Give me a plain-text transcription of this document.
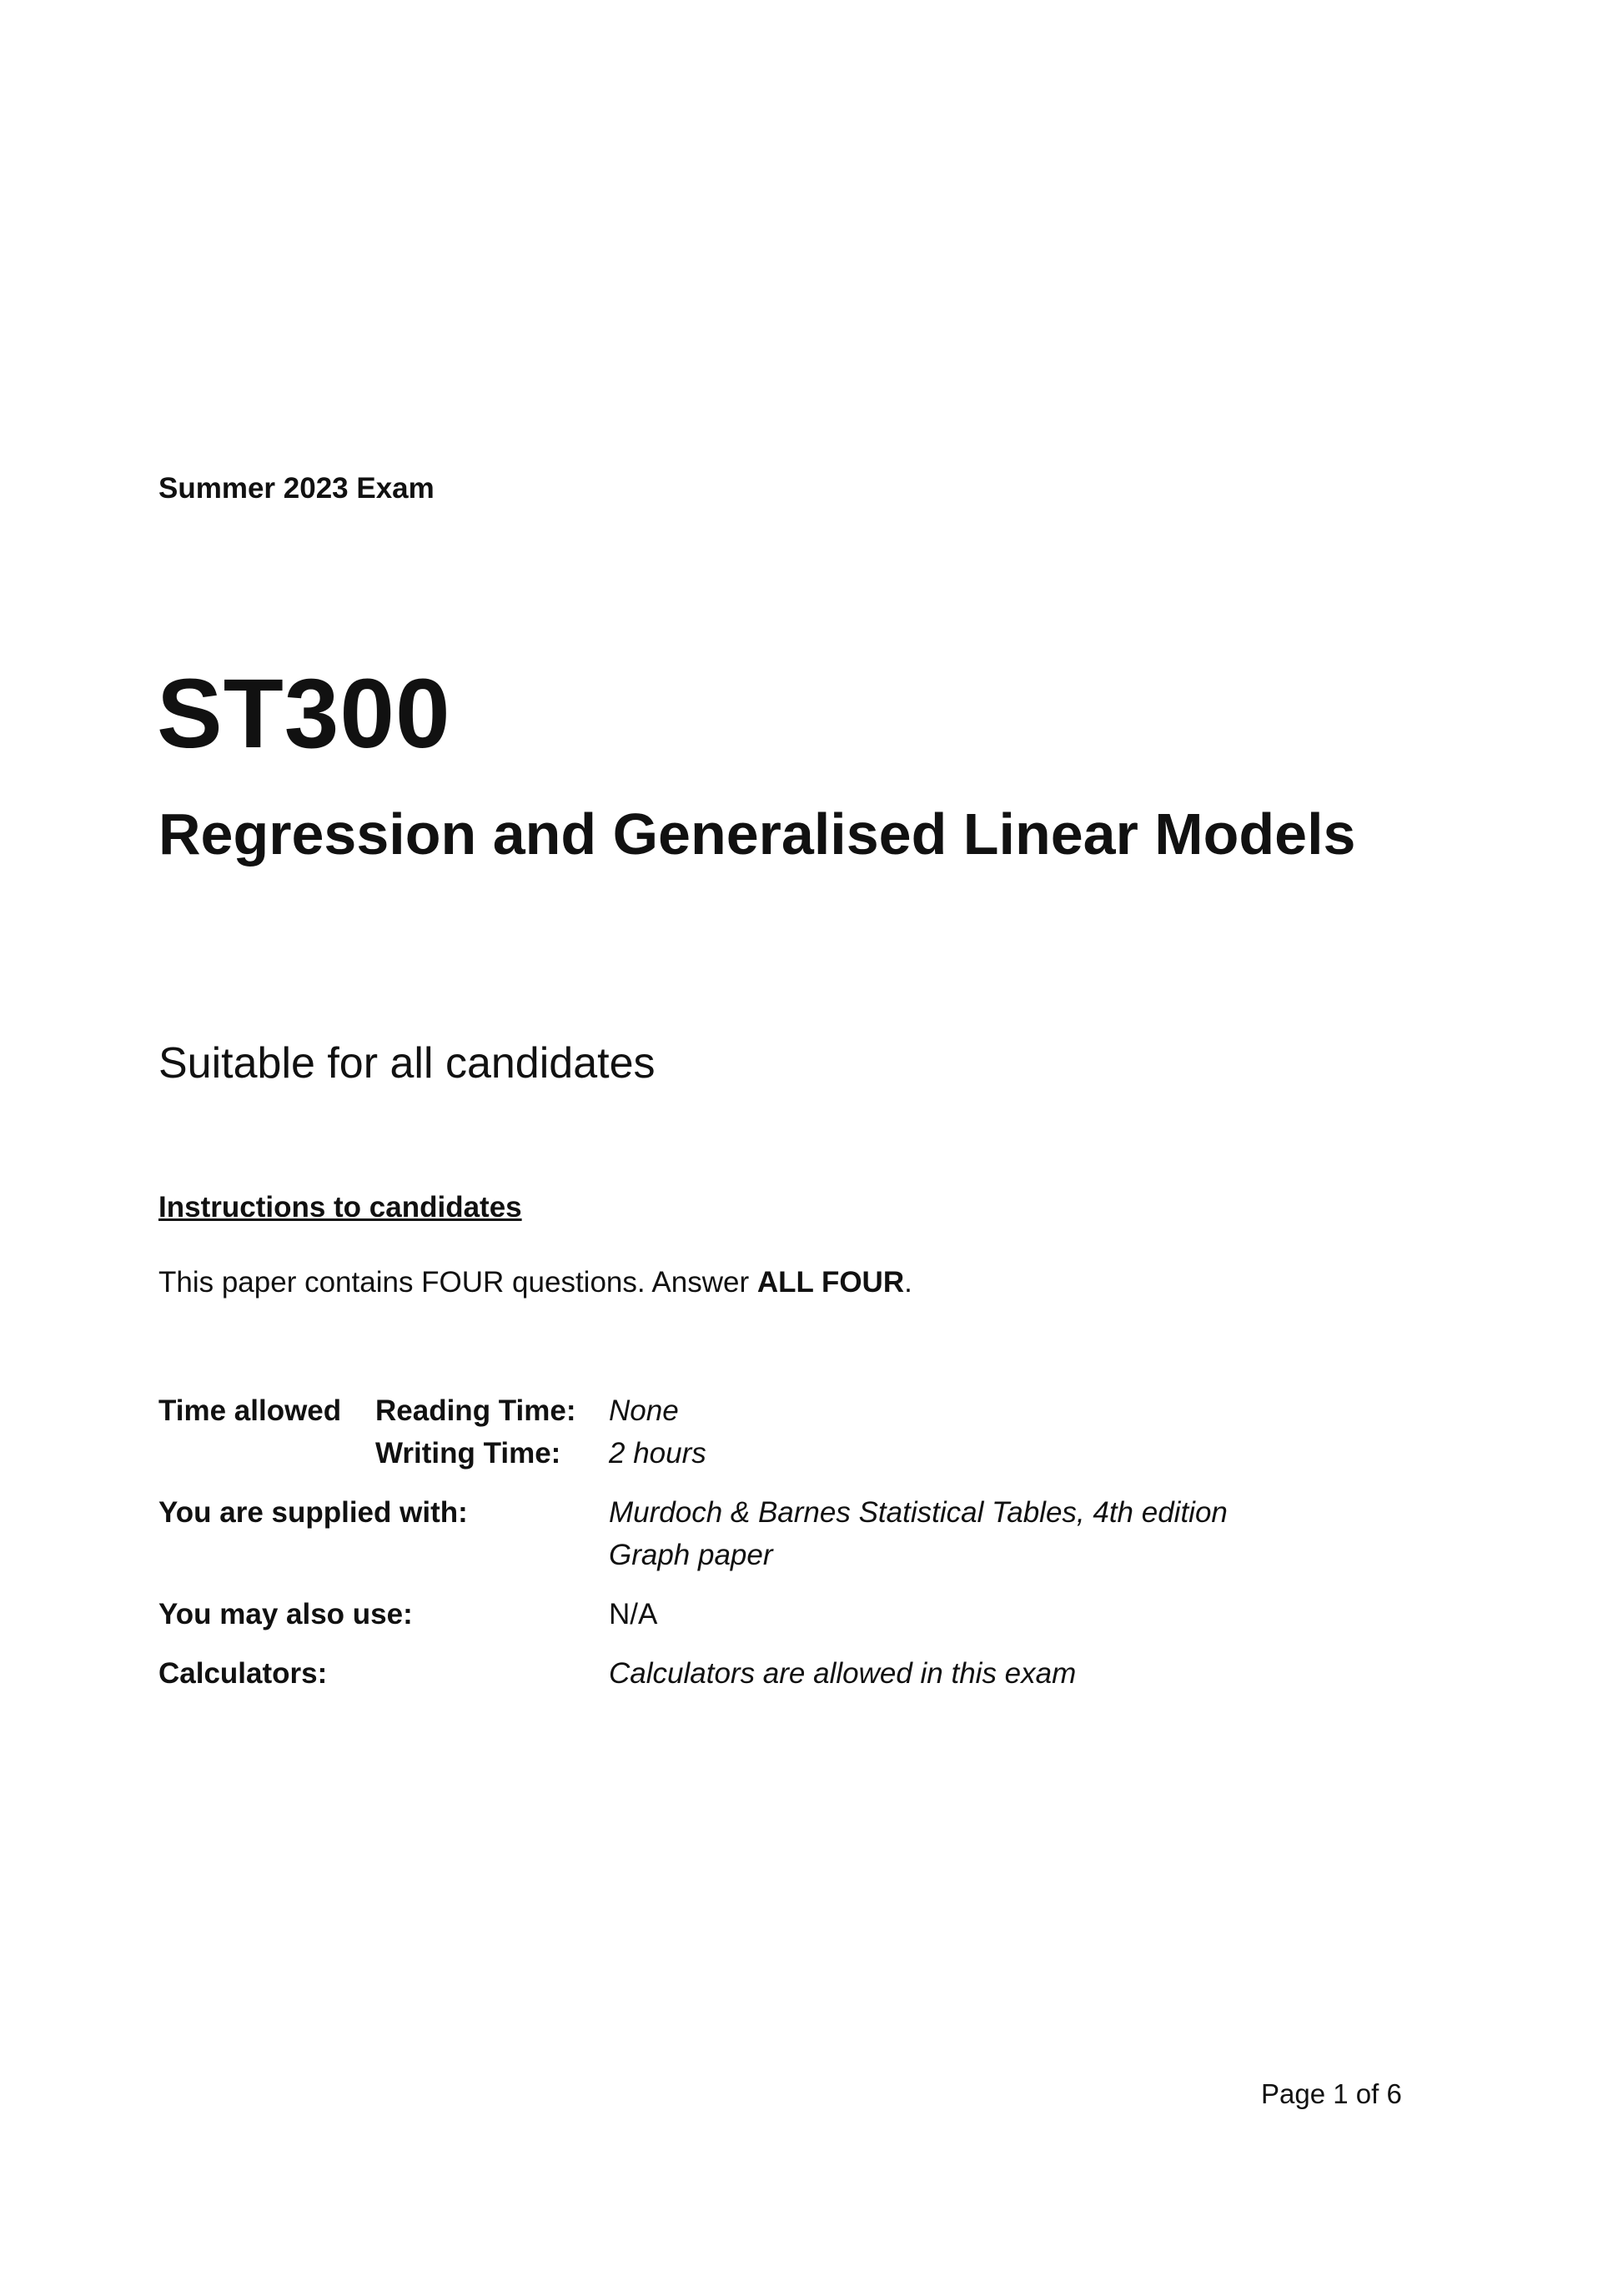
Summer 2023 Exam
ST300
Regression and Generalised Linear Models
Suitable for all candidates
Instructions to candidates
This paper contains FOUR questions. Answer ALL FOUR.
Time allowed Reading Time: None
Writing Time: 2 hours
You are supplied with:	Murdoch & Barnes Statistical Tables, 4th edition
Graph paper
You may also use:	N/A
Calculators:	Calculators are allowed in this exam
Page 1 of 6
